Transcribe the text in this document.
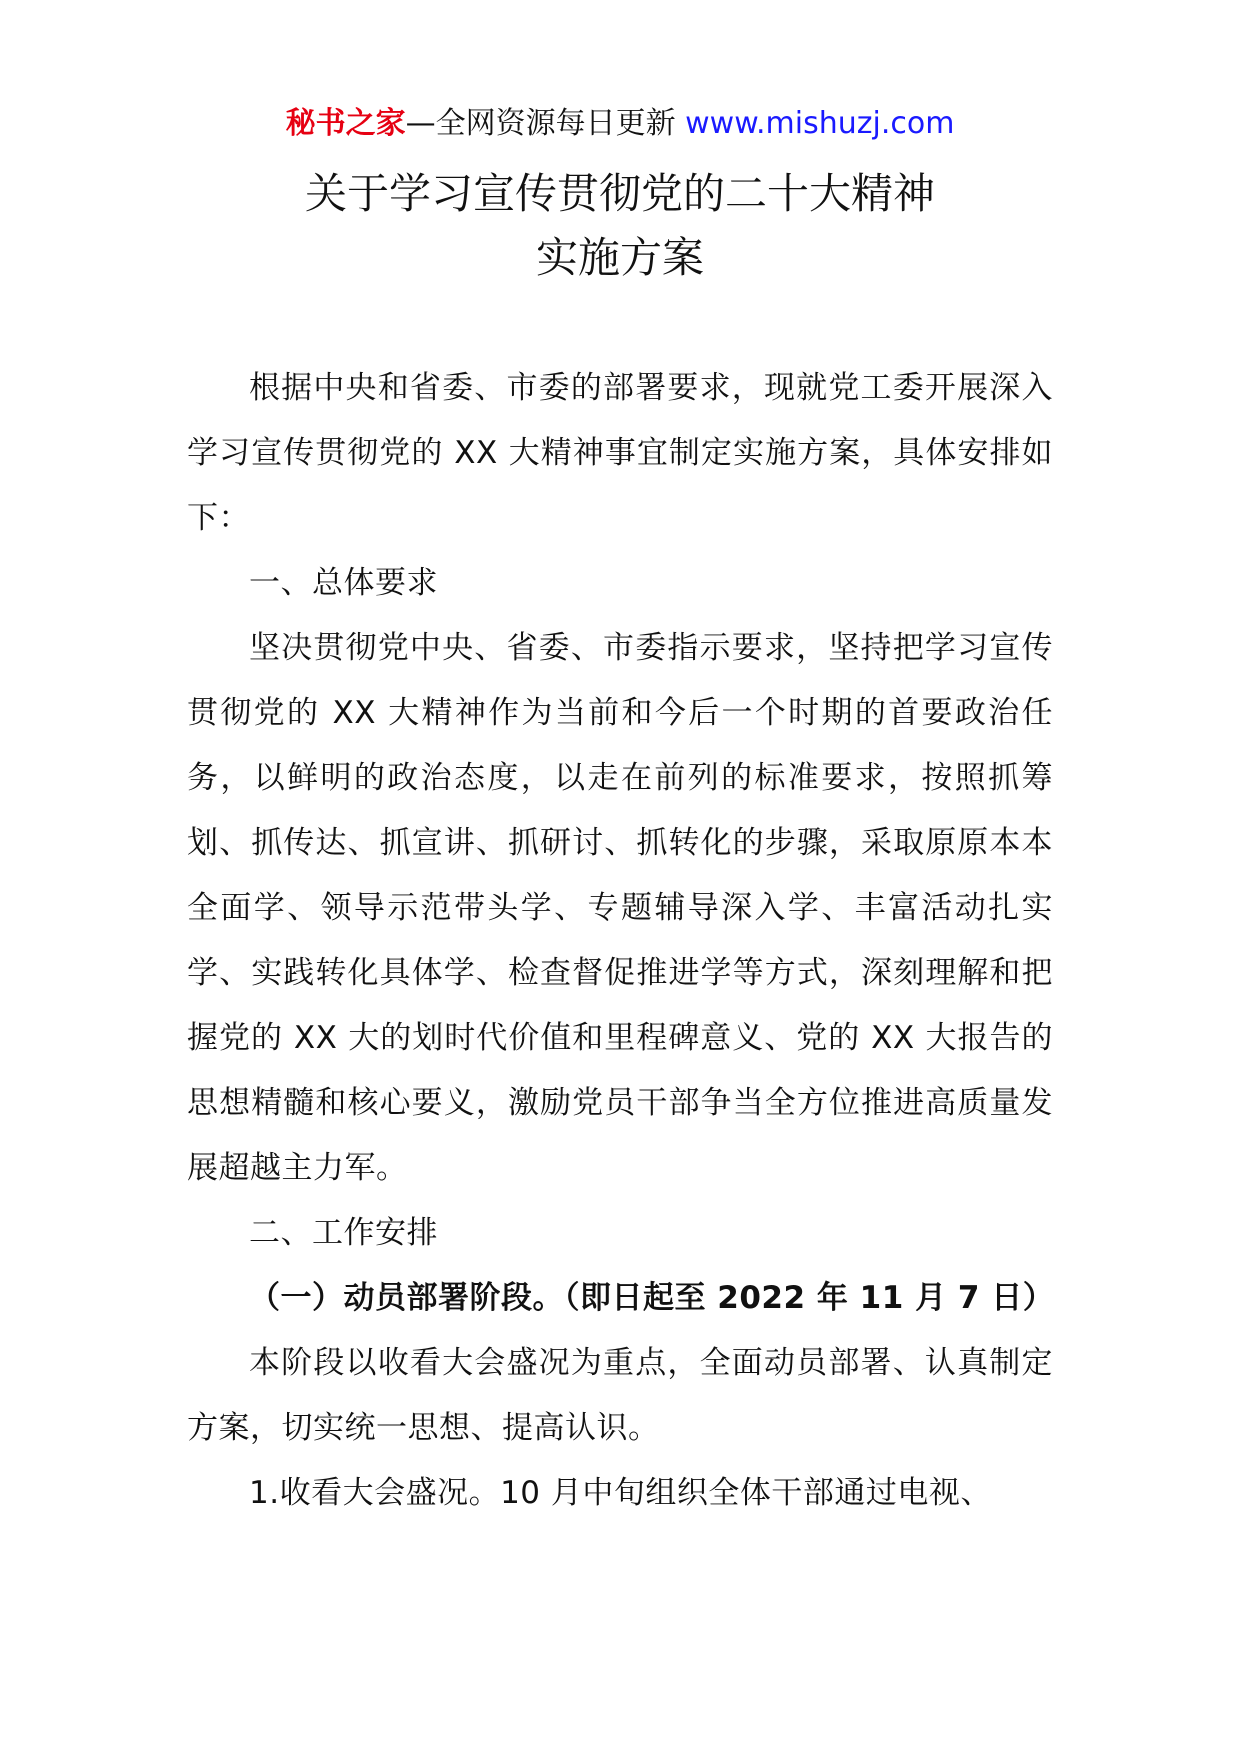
秘书之家—全网资源每日更新 www.mishuzj.com
关于学习宣传贯彻党的二十大精神
实施方案

根据中央和省委、市委的部署要求，现就党工委开展深入学习宣传贯彻党的 XX 大精神事宜制定实施方案，具体安排如下：

一、总体要求

坚决贯彻党中央、省委、市委指示要求，坚持把学习宣传贯彻党的 XX 大精神作为当前和今后一个时期的首要政治任务，以鲜明的政治态度，以走在前列的标准要求，按照抓筹划、抓传达、抓宣讲、抓研讨、抓转化的步骤，采取原原本本全面学、领导示范带头学、专题辅导深入学、丰富活动扎实学、实践转化具体学、检查督促推进学等方式，深刻理解和把握党的 XX 大的划时代价值和里程碑意义、党的 XX 大报告的思想精髓和核心要义，激励党员干部争当全方位推进高质量发展超越主力军。

二、工作安排

（一）动员部署阶段。（即日起至 2022 年 11 月 7 日）

本阶段以收看大会盛况为重点，全面动员部署、认真制定方案，切实统一思想、提高认识。

1.收看大会盛况。10 月中旬组织全体干部通过电视、
